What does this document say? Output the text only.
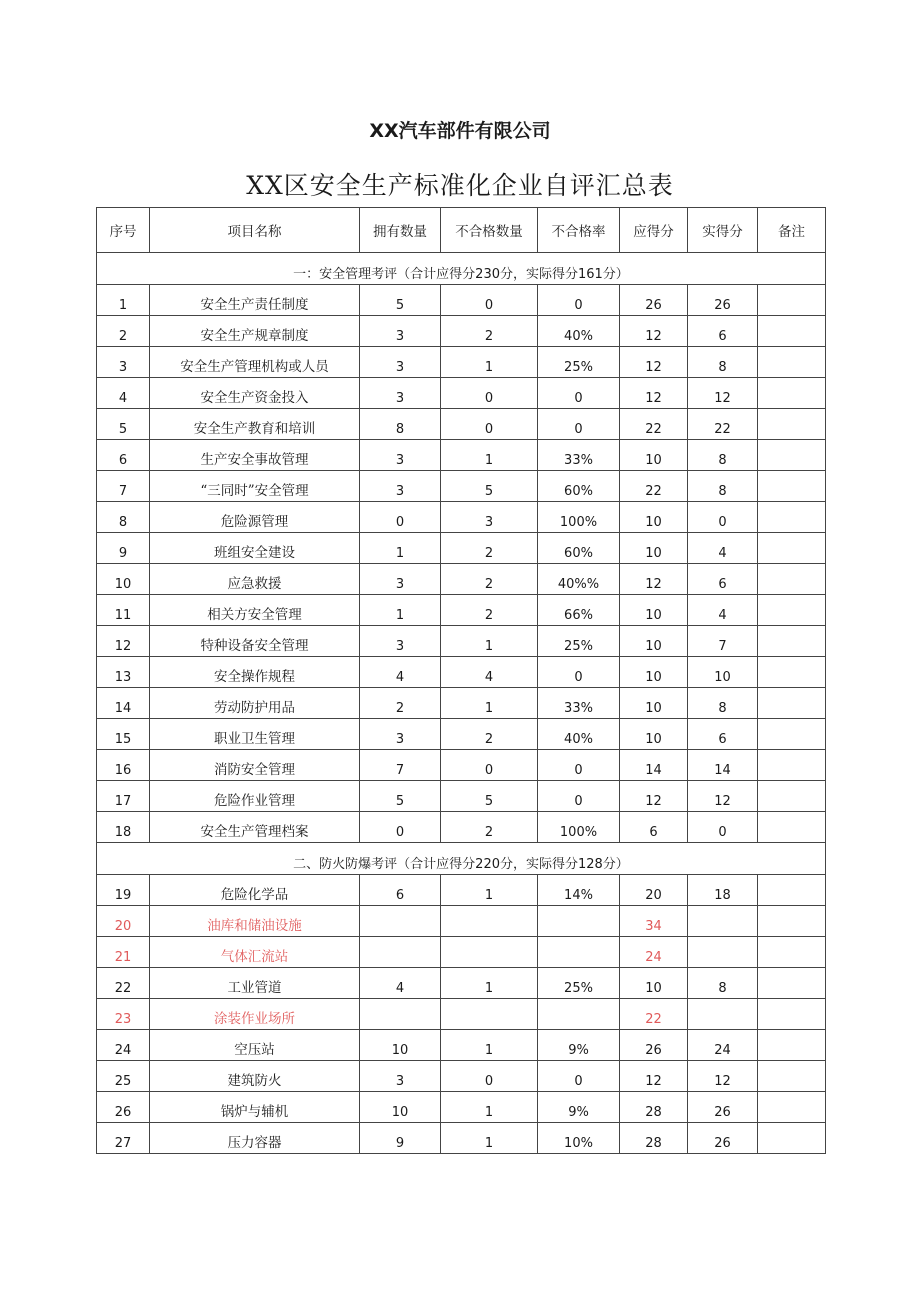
XX汽车部件有限公司
XX区安全生产标准化企业自评汇总表
序号	项目名称	拥有数量	不合格数量	不合格率	应得分	实得分	备注
一：安全管理考评（合计应得分230分，实际得分161分）							
1	安全生产责任制度	5	0	0	26	26	
2	安全生产规章制度	3	2	40%	12	6	
3	安全生产管理机构或人员	3	1	25%	12	8	
4	安全生产资金投入	3	0	0	12	12	
5	安全生产教育和培训	8	0	0	22	22	
6	生产安全事故管理	3	1	33%	10	8	
7	“三同时”安全管理	3	5	60%	22	8	
8	危险源管理	0	3	100%	10	0	
9	班组安全建设	1	2	60%	10	4	
10	应急救援	3	2	40%%	12	6	
11	相关方安全管理	1	2	66%	10	4	
12	特种设备安全管理	3	1	25%	10	7	
13	安全操作规程	4	4	0	10	10	
14	劳动防护用品	2	1	33%	10	8	
15	职业卫生管理	3	2	40%	10	6	
16	消防安全管理	7	0	0	14	14	
17	危险作业管理	5	5	0	12	12	
18	安全生产管理档案	0	2	100%	6	0	
二、防火防爆考评（合计应得分220分，实际得分128分）							
19	危险化学品	6	1	14%	20	18	
20	油库和储油设施				34		
21	气体汇流站				24		
22	工业管道	4	1	25%	10	8	
23	涂装作业场所				22		
24	空压站	10	1	9%	26	24	
25	建筑防火	3	0	0	12	12	
26	锅炉与辅机	10	1	9%	28	26	
27	压力容器	9	1	10%	28	26	
